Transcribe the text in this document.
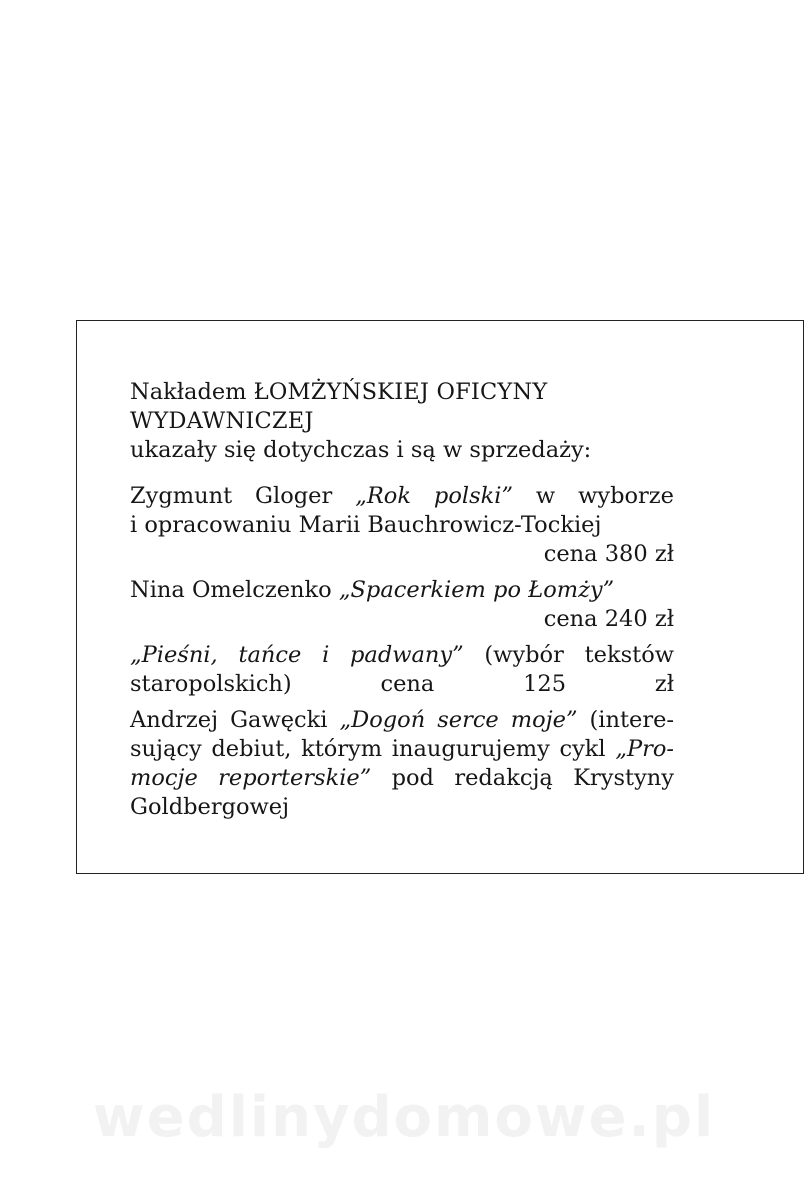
Nakładem ŁOMŻYŃSKIEJ OFICYNY
WYDAWNICZEJ
ukazały się dotychczas i są w sprzedaży:
Zygmunt Gloger „Rok polski” w wyborze
i opracowaniu Marii Bauchrowicz-Tockiej
cena 380 zł
Nina Omelczenko „Spacerkiem po Łomży”
cena 240 zł
„Pieśni, tańce i padwany” (wybór tekstów
staropolskich)	cena 125 zł
Andrzej Gawęcki „Dogoń serce moje” (intere-
sujący debiut, którym inaugurujemy cykl „Pro-
mocje reporterskie” pod redakcją Krystyny
Goldbergowej
wedlinydomowe.pl
